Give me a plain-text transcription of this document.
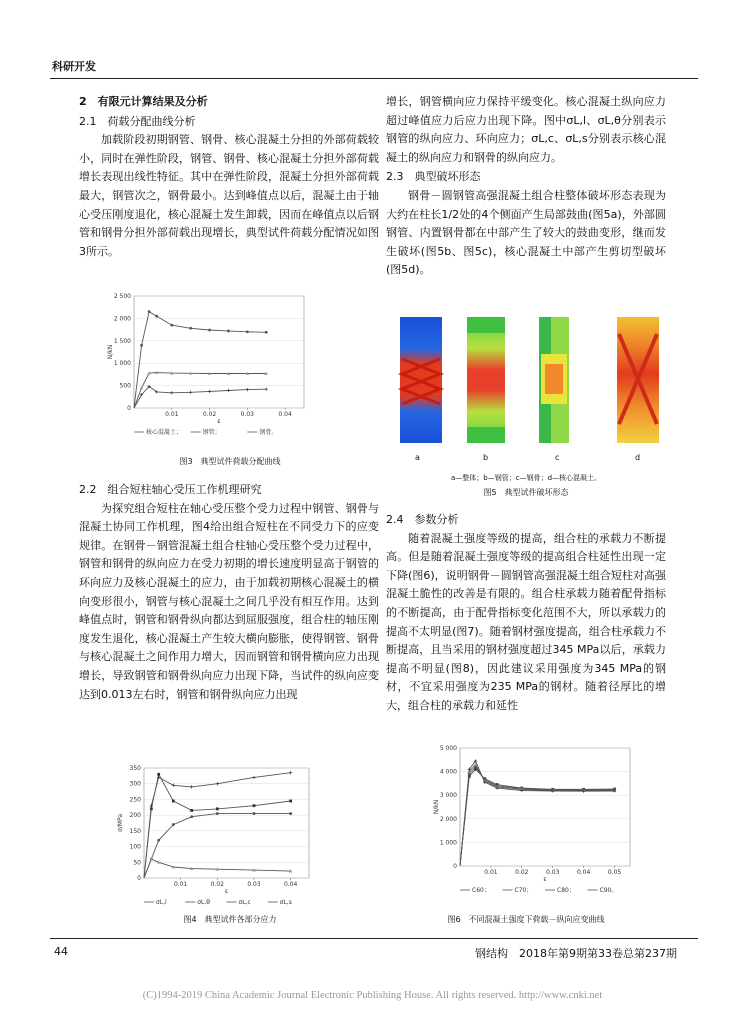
科研开发
2　有限元计算结果及分析
2.1　荷载分配曲线分析

加载阶段初期钢管、钢骨、核心混凝土分担的外部荷载较小，同时在弹性阶段，钢管、钢骨、核心混凝土分担外部荷载增长表现出线性特征。其中在弹性阶段，混凝土分担外部荷载最大，钢管次之，钢骨最小。达到峰值点以后，混凝土由于轴心受压刚度退化，核心混凝土发生卸载，因而在峰值点以后钢管和钢骨分担外部荷载出现增长，典型试件荷载分配情况如图3所示。

2 500
2 000
1 500
1 000
500
0
0.01	0.02	0.03	0.04
N/kN
ε
核心混凝土；	钢管；	钢骨。
图3　典型试件荷载分配曲线
2.2　组合短柱轴心受压工作机理研究

为探究组合短柱在轴心受压整个受力过程中钢管、钢骨与混凝土协同工作机理，图4给出组合短柱在不同受力下的应变规律。在钢骨－钢管混凝土组合柱轴心受压整个受力过程中，钢管和钢骨的纵向应力在受力初期的增长速度明显高于钢管的环向应力及核心混凝土的应力，由于加载初期核心混凝土的横向变形很小，钢管与核心混凝土之间几乎没有相互作用。达到峰值点时，钢管和钢骨纵向都达到屈服强度，组合柱的轴压刚度发生退化，核心混凝土产生较大横向膨胀，使得钢管、钢骨与核心混凝土之间作用力增大，因而钢管和钢骨横向应力出现增长，导致钢管和钢骨纵向应力出现下降，当试件的纵向应变达到0.013左右时，钢管和钢骨纵向应力出现

350
300
250
200
150
100
50
0
0.01	0.02	0.03	0.04
σ/MPa
ε
σL,l	σL,θ	σL,c	σL,s
图4　典型试件各部分应力

增长，钢管横向应力保持平缓变化。核心混凝土纵向应力超过峰值应力后应力出现下降。图中σL,l、σL,θ分别表示钢管的纵向应力、环向应力；σL,c、σL,s分别表示核心混凝土的纵向应力和钢骨的纵向应力。

2.3　典型破坏形态

钢骨－圆钢管高强混凝土组合柱整体破坏形态表现为大约在柱长1/2处的4个侧面产生局部鼓曲(图5a)，外部圆钢管、内置钢骨都在中部产生了较大的鼓曲变形，继而发生破坏(图5b、图5c)，核心混凝土中部产生剪切型破坏(图5d)。

a	b	c	d
a—整体；b—钢管；c—钢骨；d—核心混凝土。
图5　典型试件破坏形态
2.4　参数分析

随着混凝土强度等级的提高，组合柱的承载力不断提高。但是随着混凝土强度等级的提高组合柱延性出现一定下降(图6)，说明钢骨－圆钢管高强混凝土组合短柱对高强混凝土脆性的改善是有限的。组合柱承载力随着配骨指标的不断提高，由于配骨指标变化范围不大，所以承载力的提高不太明显(图7)。随着钢材强度提高，组合柱承载力不断提高，且当采用的钢材强度超过345 MPa以后，承载力提高不明显(图8)，因此建议采用强度为345 MPa的钢材，不宜采用强度为235 MPa的钢材。随着径厚比的增大，组合柱的承载力和延性

5 000
4 000
3 000
2 000
1 000
0
0.01	0.02	0.03	0.04	0.05
N/kN
ε
C60；	C70；	C80；	C90。
图6　不同混凝土强度下荷载－纵向应变曲线
44	钢结构　2018年第9期第33卷总第237期
(C)1994-2019 China Academic Journal Electronic Publishing House. All rights reserved. http://www.cnki.net
